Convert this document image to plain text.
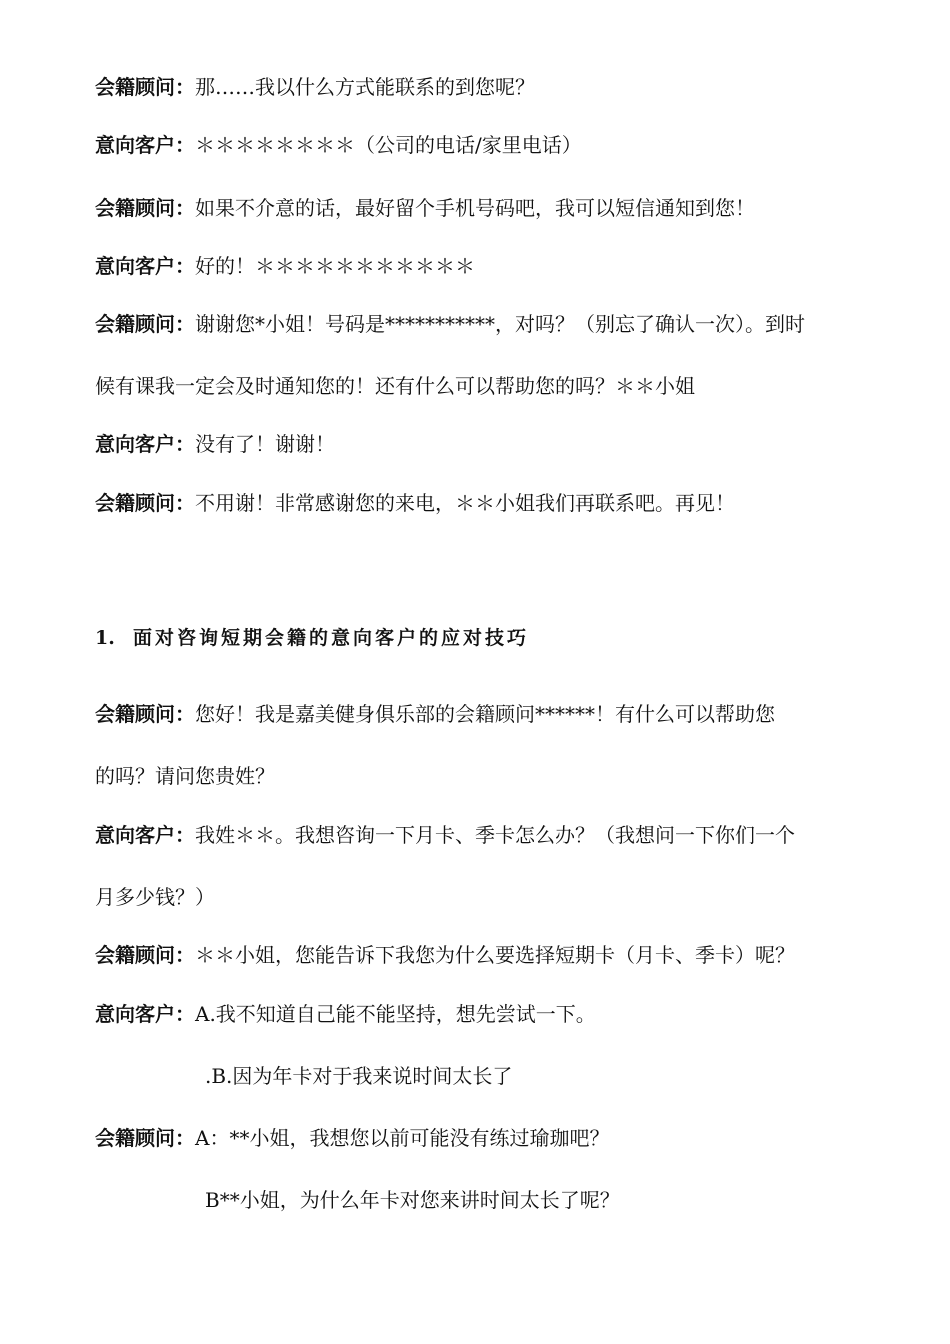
会籍顾问：那……我以什么方式能联系的到您呢？
意向客户：＊＊＊＊＊＊＊＊（公司的电话/家里电话）
会籍顾问：如果不介意的话，最好留个手机号码吧，我可以短信通知到您！
意向客户：好的！＊＊＊＊＊＊＊＊＊＊＊
会籍顾问：谢谢您*小姐！号码是***********，对吗？（别忘了确认一次）。到时
候有课我一定会及时通知您的！还有什么可以帮助您的吗？＊＊小姐
意向客户：没有了！谢谢！
会籍顾问：不用谢！非常感谢您的来电，＊＊小姐我们再联系吧。再见！
1. 面对咨询短期会籍的意向客户的应对技巧
会籍顾问：您好！我是嘉美健身俱乐部的会籍顾问******！有什么可以帮助您
的吗？请问您贵姓？
意向客户：我姓＊＊。我想咨询一下月卡、季卡怎么办？（我想问一下你们一个
月多少钱？）
会籍顾问：＊＊小姐，您能告诉下我您为什么要选择短期卡（月卡、季卡）呢？
意向客户：A.我不知道自己能不能坚持，想先尝试一下。
.B.因为年卡对于我来说时间太长了
会籍顾问：A：**小姐，我想您以前可能没有练过瑜珈吧？
B**小姐，为什么年卡对您来讲时间太长了呢？
